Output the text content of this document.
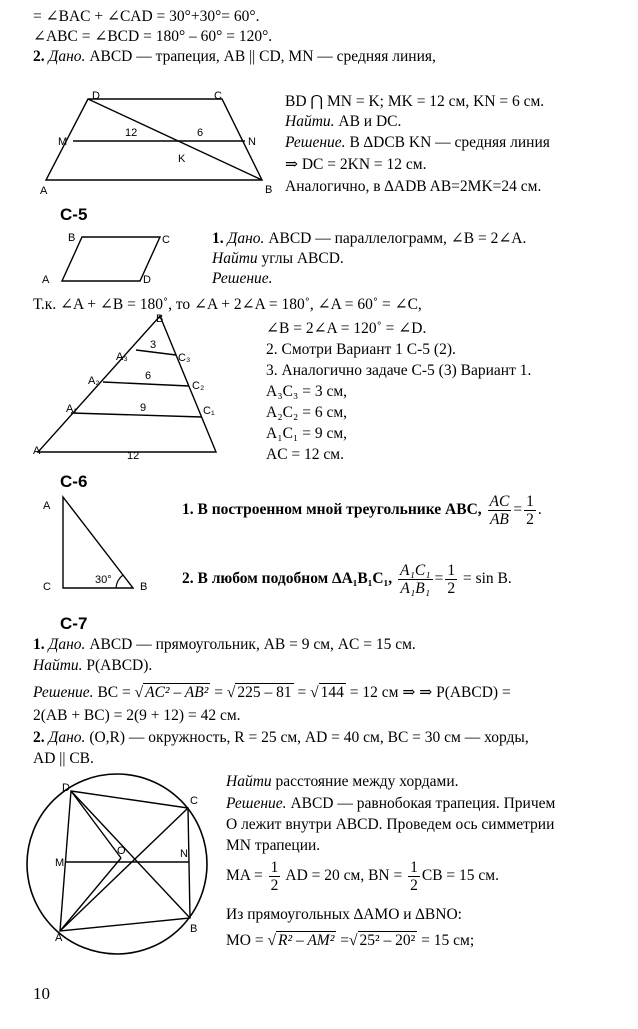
= ∠BAC + ∠CAD = 30°+30°= 60°.
∠ABC = ∠BCD = 180° – 60° = 120°.
2. Дано. ABCD — трапеция, AB || CD, MN — средняя линия,
D	C
M	N
A	B
K
12	6
BD ⋂ MN = K; MK = 12 см, KN = 6 см.
Найти. AB и DC.
Решение. В ∆DCB KN — средняя линия
⇒ DC = 2KN = 12 см.
Аналогично, в ∆ADB AB=2MK=24 см.
С-5
B	C
A	D
1. Дано. ABCD — параллелограмм, ∠B = 2∠A.
Найти углы ABCD.
Решение.
Т.к. ∠A + ∠B = 180˚, то ∠A + 2∠A = 180˚, ∠A = 60˚ = ∠C,
B
A₃	C₃
A₂	C₂
A₁	C₁
A
3
6
9
12
∠B = 2∠A = 120˚ = ∠D.
2. Смотри Вариант 1 С-5 (2).
3. Аналогично задаче С-5 (3) Вариант 1.
A₃C₃ = 3 см,
A₂C₂ = 6 см,
A₁C₁ = 9 см,
AC = 12 см.
С-6
A
C	B
30°
1. В построенном мной треугольнике ABC, $\frac{AC}{AB} = \frac{1}{2}$ .
2. В любом подобном ∆A₁B₁C₁, $\frac{\text{A₁C₁}}{\text{A₁B₁}} = \frac{1}{2} = \sin B$.
С-7
1. Дано. ABCD — прямоугольник, AB = 9 см, AC = 15 см.
Найти. P(ABCD).
Решение. BC = √ AC² – AB² = √ 225 – 81 = √ 144 = 12 см ⇒ ⇒ P(ABCD) =
2(AB + BC) = 2(9 + 12) = 42 см.
2. Дано. (O,R) — окружность, R = 25 см, AD = 40 см, BC = 30 см — хорды,
AD || CB.
D
C
M
N
O
A
B
Найти расстояние между хордами.
Решение. ABCD — равнобокая трапеция. Причем
O лежит внутри ABCD. Проведем ось симметрии
MN трапеции.
MA = $\frac{1}{2}$ AD = 20 см, BN = $\frac{1}{2}$ CB = 15 см.
Из прямоугольных ∆AMO и ∆BNO:
MO = √ R² – AM² =√ 25² – 20² = 15 см;
10
